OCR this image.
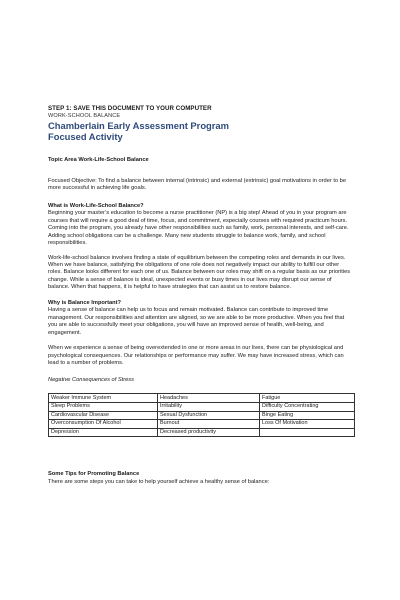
STEP 1: SAVE THIS DOCUMENT TO YOUR COMPUTER
WORK-SCHOOL BALANCE
Chamberlain Early Assessment Program
Focused Activity
Topic Area Work-Life-School Balance

Focused Objective: To find a balance between internal (intrinsic) and external (extrinsic) goal motivations in order to be more successful in achieving life goals.

What is Work-Life-School Balance?

Beginning your master’s education to become a nurse practitioner (NP) is a big step! Ahead of you in your program are courses that will require a good deal of time, focus, and commitment, especially courses with required practicum hours. Coming into the program, you already have other responsibilities such as family, work, personal interests, and self-care. Adding school obligations can be a challenge. Many new students struggle to balance work, family, and school responsibilities.

Work-life-school balance involves finding a state of equilibrium between the competing roles and demands in our lives. When we have balance, satisfying the obligations of one role does not negatively impact our ability to fulfill our other roles. Balance looks different for each one of us. Balance between our roles may shift on a regular basis as our priorities change. While a sense of balance is ideal, unexpected events or busy times in our lives may disrupt our sense of balance. When that happens, it is helpful to have strategies that can assist us to restore balance.

Why is Balance Important?

Having a sense of balance can help us to focus and remain motivated. Balance can contribute to improved time management. Our responsibilities and attention are aligned, so we are able to be more productive. When you feel that you are able to successfully meet your obligations, you will have an improved sense of health, well-being, and engagement.

When we experience a sense of being overextended in one or more areas in our lives, there can be physiological and psychological consequences. Our relationships or performance may suffer. We may have increased stress, which can lead to a number of problems.

Negative Consequences of Stress
Weaker Immune System	Headaches	Fatigue
Sleep Problems	Irritability	Difficulty Concentrating
Cardiovascular Disease	Sexual Dysfunction	Binge Eating
Overconsumption Of Alcohol	Burnout	Loss Of Motivation
Depression	Decreased productivity	
Some Tips for Promoting Balance

There are some steps you can take to help yourself achieve a healthy sense of balance:
